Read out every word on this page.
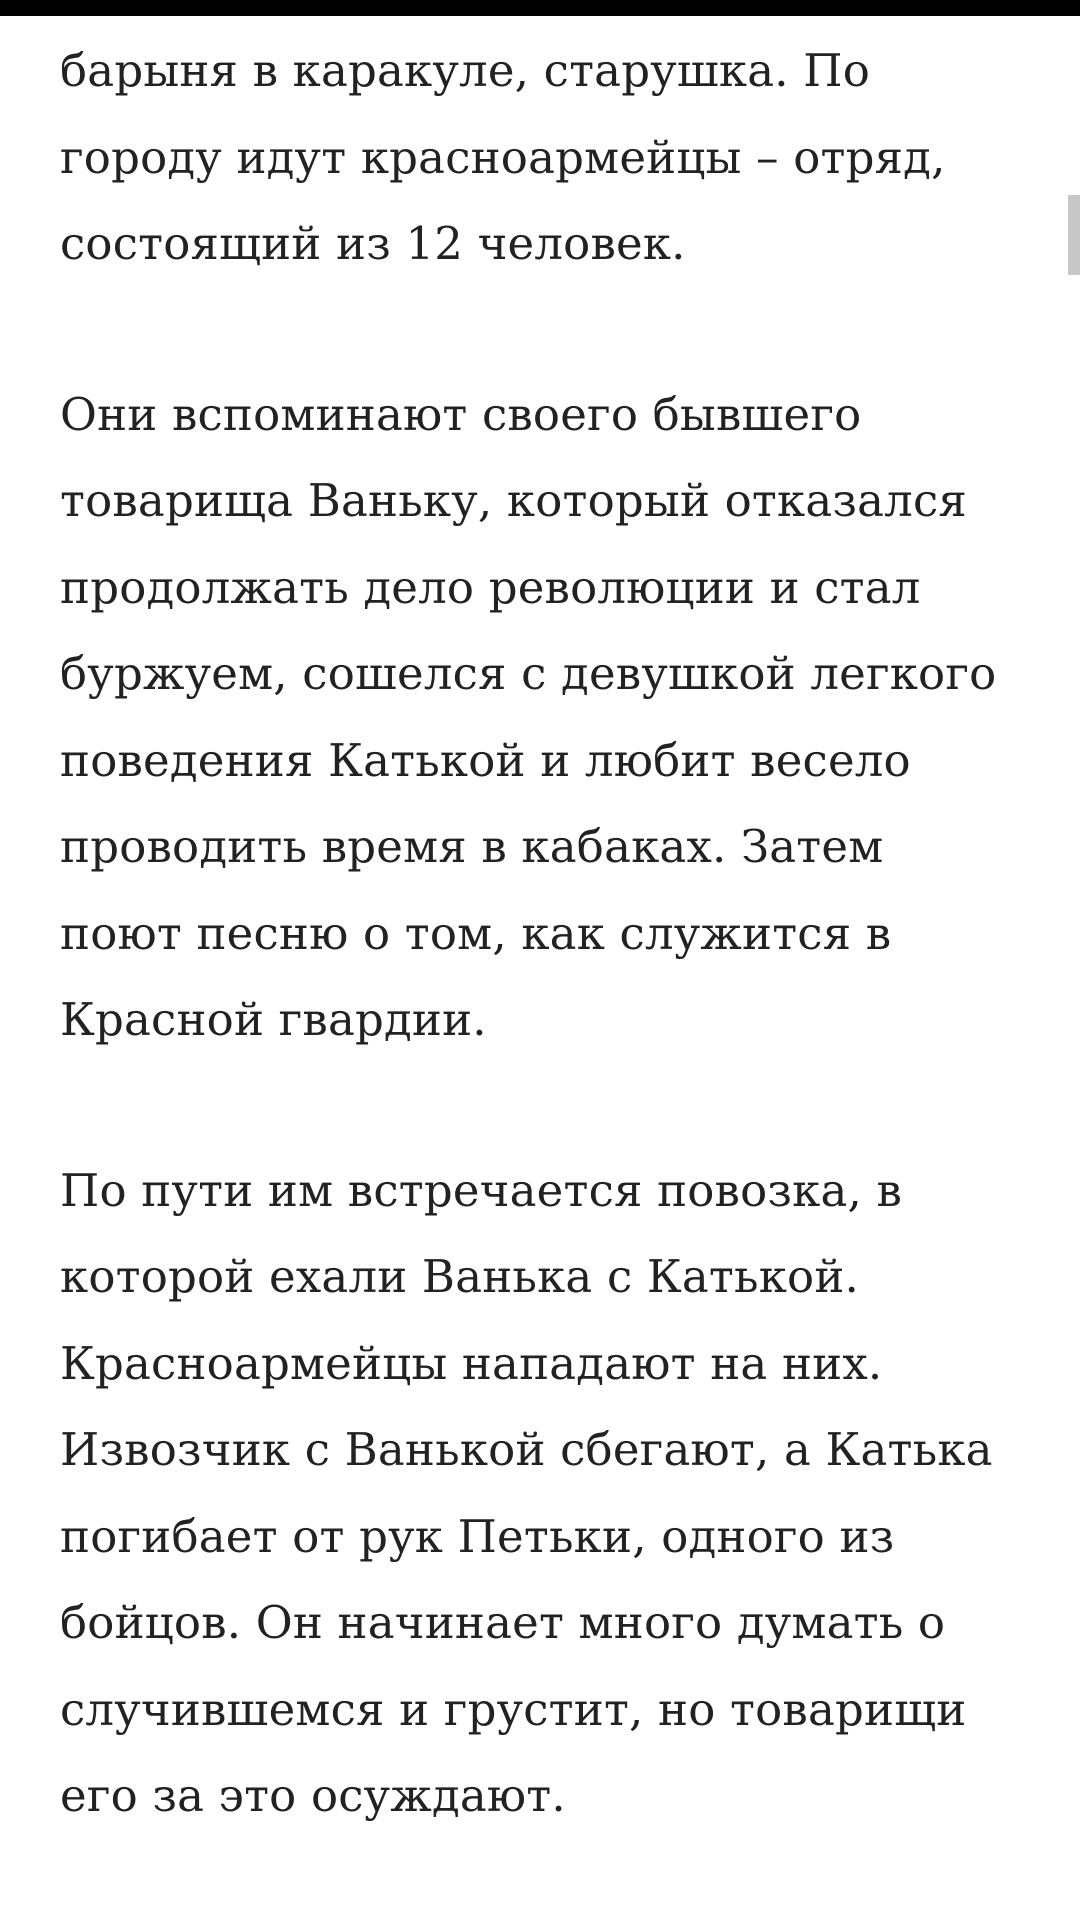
барыня в каракуле, старушка. По
городу идут красноармейцы – отряд,
состоящий из 12 человек.

Они вспоминают своего бывшего
товарища Ваньку, который отказался
продолжать дело революции и стал
буржуем, сошелся с девушкой легкого
поведения Катькой и любит весело
проводить время в кабаках. Затем
поют песню о том, как служится в
Красной гвардии.

По пути им встречается повозка, в
которой ехали Ванька с Катькой.
Красноармейцы нападают на них.
Извозчик с Ванькой сбегают, а Катька
погибает от рук Петьки, одного из
бойцов. Он начинает много думать о
случившемся и грустит, но товарищи
его за это осуждают.
